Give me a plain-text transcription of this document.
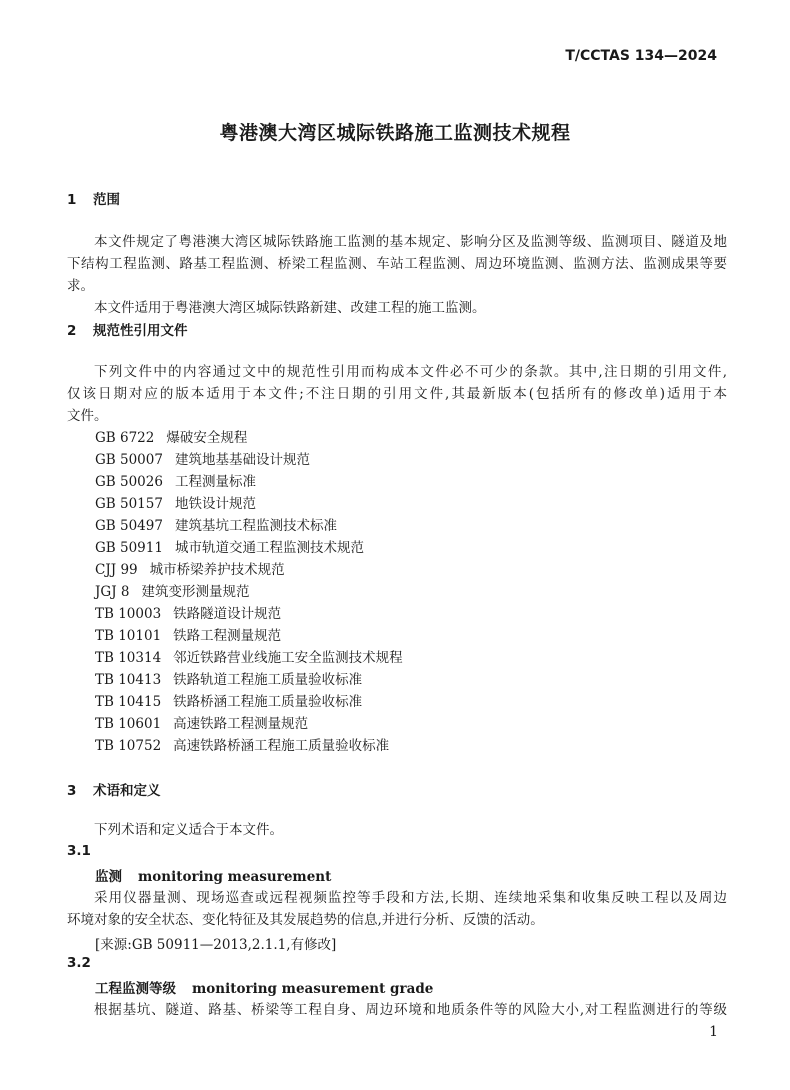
T/CCTAS 134—2024
粤港澳大湾区城际铁路施工监测技术规程
1 范围

本文件规定了粤港澳大湾区城际铁路施工监测的基本规定、影响分区及监测等级、监测项目、隧道及地

下结构工程监测、路基工程监测、桥梁工程监测、车站工程监测、周边环境监测、监测方法、监测成果等要求。

本文件适用于粤港澳大湾区城际铁路新建、改建工程的施工监测。

2 规范性引用文件

下列文件中的内容通过文中的规范性引用而构成本文件必不可少的条款。其中,注日期的引用文件,

仅该日期对应的版本适用于本文件;不注日期的引用文件,其最新版本(包括所有的修改单)适用于本

文件。

GB 6722 爆破安全规程
GB 50007 建筑地基基础设计规范
GB 50026 工程测量标准
GB 50157 地铁设计规范
GB 50497 建筑基坑工程监测技术标准
GB 50911 城市轨道交通工程监测技术规范
CJJ 99 城市桥梁养护技术规范
JGJ 8 建筑变形测量规范
TB 10003 铁路隧道设计规范
TB 10101 铁路工程测量规范
TB 10314 邻近铁路营业线施工安全监测技术规程
TB 10413 铁路轨道工程施工质量验收标准
TB 10415 铁路桥涵工程施工质量验收标准
TB 10601 高速铁路工程测量规范
TB 10752 高速铁路桥涵工程施工质量验收标准
3 术语和定义

下列术语和定义适合于本文件。

3.1
监测 monitoring measurement

采用仪器量测、现场巡查或远程视频监控等手段和方法,长期、连续地采集和收集反映工程以及周边

环境对象的安全状态、变化特征及其发展趋势的信息,并进行分析、反馈的活动。

[来源:GB 50911—2013,2.1.1,有修改]
3.2
工程监测等级 monitoring measurement grade

根据基坑、隧道、路基、桥梁等工程自身、周边环境和地质条件等的风险大小,对工程监测进行的等级

1
